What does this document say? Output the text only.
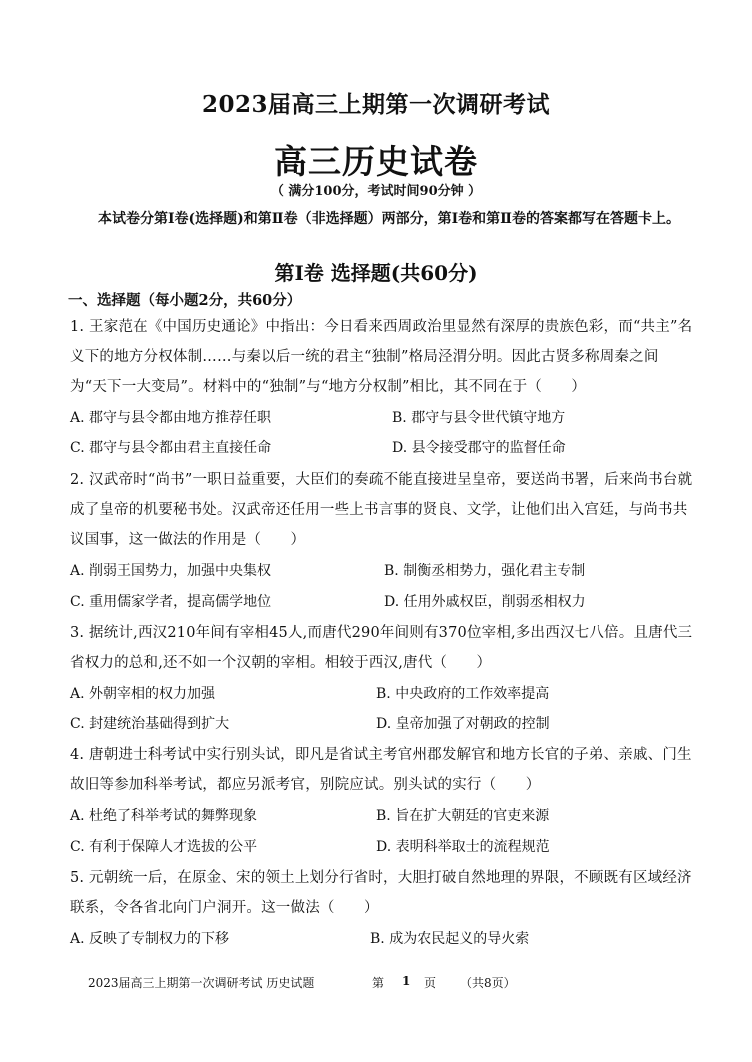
2023届高三上期第一次调研考试
高三历史试卷
（ 满分100分，考试时间90分钟 ）
本试卷分第Ⅰ卷(选择题)和第Ⅱ卷（非选择题）两部分，第Ⅰ卷和第Ⅱ卷的答案都写在答题卡上。
第Ⅰ卷 选择题(共60分)
一、选择题（每小题2分，共60分）
1. 王家范在《中国历史通论》中指出：今日看来西周政治里显然有深厚的贵族色彩，而“共主”名义下的地方分权体制……与秦以后一统的君主“独制”格局泾渭分明。因此古贤多称周秦之间为“天下一大变局”。材料中的“独制”与“地方分权制”相比，其不同在于（　　）
A. 郡守与县令都由地方推荐任职	B. 郡守与县令世代镇守地方
C. 郡守与县令都由君主直接任命	D. 县令接受郡守的监督任命
2. 汉武帝时“尚书”一职日益重要，大臣们的奏疏不能直接进呈皇帝，要送尚书署，后来尚书台就成了皇帝的机要秘书处。汉武帝还任用一些上书言事的贤良、文学，让他们出入宫廷，与尚书共议国事，这一做法的作用是（　　）
A. 削弱王国势力，加强中央集权	B. 制衡丞相势力，强化君主专制
C. 重用儒家学者，提高儒学地位	D. 任用外戚权臣，削弱丞相权力
3. 据统计,西汉210年间有宰相45人,而唐代290年间则有370位宰相,多出西汉七八倍。且唐代三省权力的总和,还不如一个汉朝的宰相。相较于西汉,唐代（　　）
A. 外朝宰相的权力加强	B. 中央政府的工作效率提高
C. 封建统治基础得到扩大	D. 皇帝加强了对朝政的控制
4. 唐朝进士科考试中实行别头试，即凡是省试主考官州郡发解官和地方长官的子弟、亲戚、门生故旧等参加科举考试，都应另派考官，别院应试。别头试的实行（　　）
A. 杜绝了科举考试的舞弊现象	B. 旨在扩大朝廷的官吏来源
C. 有利于保障人才选拔的公平	D. 表明科举取士的流程规范
5. 元朝统一后，在原金、宋的领土上划分行省时，大胆打破自然地理的界限，不顾既有区域经济联系，令各省北向门户洞开。这一做法（　　）
A. 反映了专制权力的下移	B. 成为农民起义的导火索
2023届高三上期第一次调研考试 历史试题	第 1 页 （共8页）
